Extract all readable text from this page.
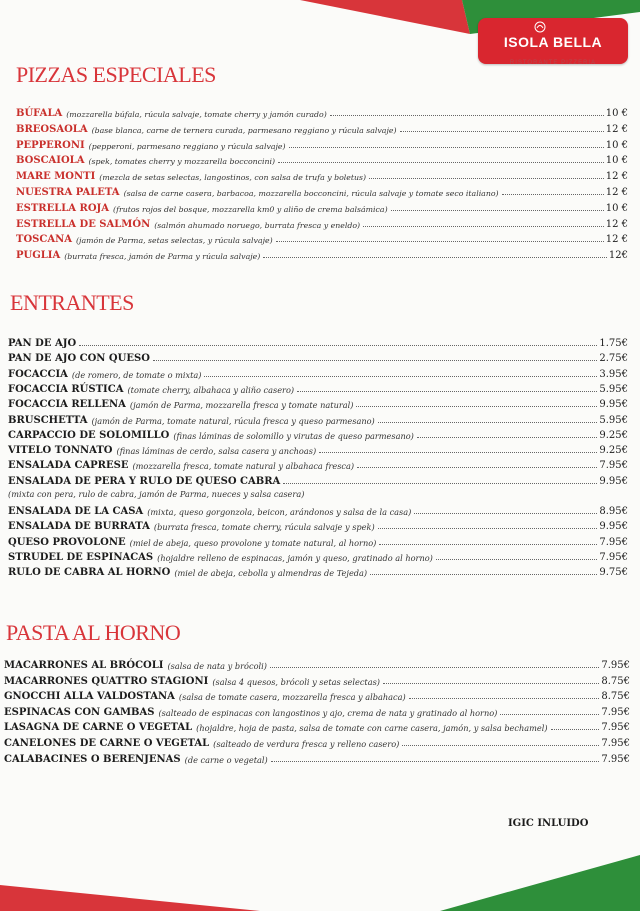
ISOLA BELLA
RISTORANTE PIZZERIA
PIZZAS ESPECIALES
ENTRANTES
PASTA AL HORNO
BÚFALA (mozzarella búfala, rúcula salvaje, tomate cherry y jamón curado)	10 €
BREOSAOLA (base blanca, carne de ternera curada, parmesano reggiano y rúcula salvaje)	12 €
PEPPERONI (pepperoni, parmesano reggiano y rúcula salvaje)	10 €
BOSCAIOLA (spek, tomates cherry y mozzarella bocconcini)	10 €
MARE MONTI (mezcla de setas selectas, langostinos, con salsa de trufa y boletus)	12 €
NUESTRA PALETA (salsa de carne casera, barbacoa, mozzarella bocconcini, rúcula salvaje y tomate seco italiano)	12 €
ESTRELLA ROJA (frutos rojos del bosque, mozzarella km0 y aliño de crema balsámica)	10 €
ESTRELLA DE SALMÓN (salmón ahumado noruego, burrata fresca y eneldo)	12 €
TOSCANA (jamón de Parma, setas selectas, y rúcula salvaje)	12 €
PUGLIA (burrata fresca, jamón de Parma y rúcula salvaje)	12€
PAN DE AJO	1.75€
PAN DE AJO CON QUESO	2.75€
FOCACCIA (de romero, de tomate o mixta)	3.95€
FOCACCIA RÚSTICA (tomate cherry, albahaca y aliño casero)	5.95€
FOCACCIA RELLENA (jamón de Parma, mozzarella fresca y tomate natural)	9.95€
BRUSCHETTA (jamón de Parma, tomate natural, rúcula fresca y queso parmesano)	5.95€
CARPACCIO DE SOLOMILLO (finas láminas de solomillo y virutas de queso parmesano)	9.25€
VITELO TONNATO (finas láminas de cerdo, salsa casera y anchoas)	9.25€
ENSALADA CAPRESE (mozzarella fresca, tomate natural y albahaca fresca)	7.95€
ENSALADA DE PERA Y RULO DE QUESO CABRA	9.95€
ENSALADA DE LA CASA (mixta, queso gorgonzola, beicon, arándonos y salsa de la casa)	8.95€
ENSALADA DE BURRATA (burrata fresca, tomate cherry, rúcula salvaje y spek)	9.95€
QUESO PROVOLONE (miel de abeja, queso provolone y tomate natural, al horno)	7.95€
STRUDEL DE ESPINACAS (hojaldre relleno de espinacas, jamón y queso, gratinado al horno)	7.95€
RULO DE CABRA AL HORNO (miel de abeja, cebolla y almendras de Tejeda)	9.75€
MACARRONES AL BRÓCOLI (salsa de nata y brócoli)	7.95€
MACARRONES QUATTRO STAGIONI (salsa 4 quesos, brócoli y setas selectas)	8.75€
GNOCCHI ALLA VALDOSTANA (salsa de tomate casera, mozzarella fresca y albahaca)	8.75€
ESPINACAS CON GAMBAS (salteado de espinacas con langostinos y ajo, crema de nata y gratinado al horno)	7.95€
LASAGNA DE CARNE O VEGETAL (hojaldre, hoja de pasta, salsa de tomate con carne casera, jamón, y salsa bechamel)	7.95€
CANELONES DE CARNE O VEGETAL (salteado de verdura fresca y relleno casero)	7.95€
CALABACINES O BERENJENAS (de carne o vegetal)	7.95€
(mixta con pera, rulo de cabra, jamón de Parma, nueces y salsa casera)
IGIC INLUIDO
